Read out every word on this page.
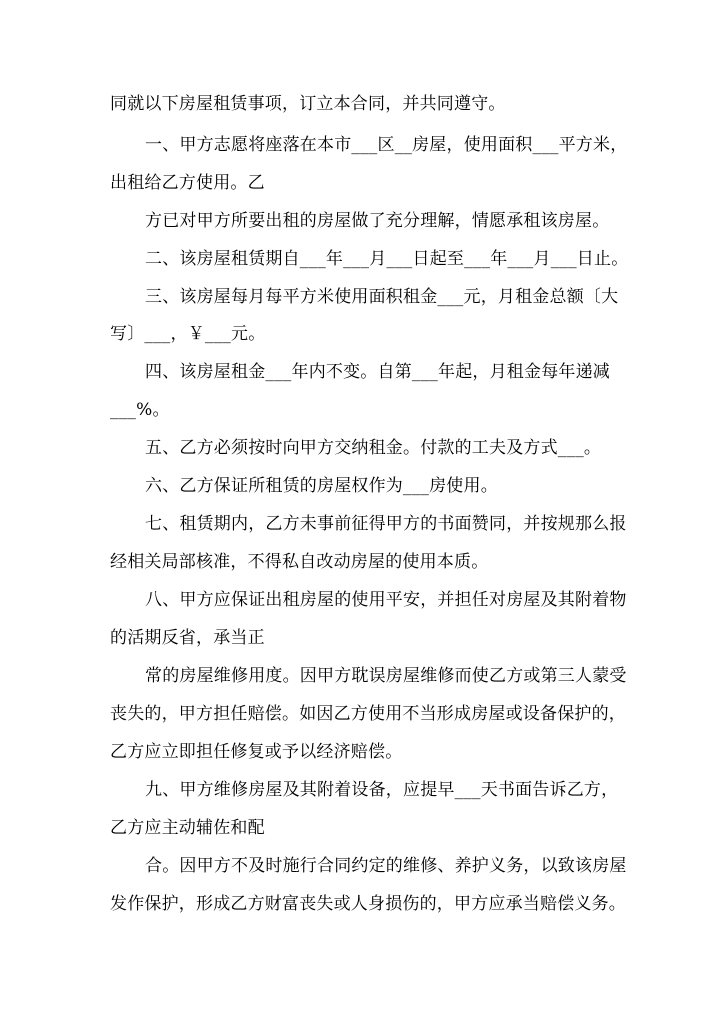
同就以下房屋租赁事项，订立本合同，并共同遵守。
一、甲方志愿将座落在本市___区__房屋，使用面积___平方米，
出租给乙方使用。乙
方已对甲方所要出租的房屋做了充分理解，情愿承租该房屋。
二、该房屋租赁期自___年___月___日起至___年___月___日止。
三、该房屋每月每平方米使用面积租金___元，月租金总额〔大
写〕___，￥___元。
四、该房屋租金___年内不变。自第___年起，月租金每年递减
___%。
五、乙方必须按时向甲方交纳租金。付款的工夫及方式___。
六、乙方保证所租赁的房屋权作为___房使用。
七、租赁期内，乙方未事前征得甲方的书面赞同，并按规那么报
经相关局部核准，不得私自改动房屋的使用本质。
八、甲方应保证出租房屋的使用平安，并担任对房屋及其附着物
的活期反省，承当正
常的房屋维修用度。因甲方耽误房屋维修而使乙方或第三人蒙受
丧失的，甲方担任赔偿。如因乙方使用不当形成房屋或设备保护的，
乙方应立即担任修复或予以经济赔偿。
九、甲方维修房屋及其附着设备，应提早___天书面告诉乙方，
乙方应主动辅佐和配
合。因甲方不及时施行合同约定的维修、养护义务，以致该房屋
发作保护，形成乙方财富丧失或人身损伤的，甲方应承当赔偿义务。
